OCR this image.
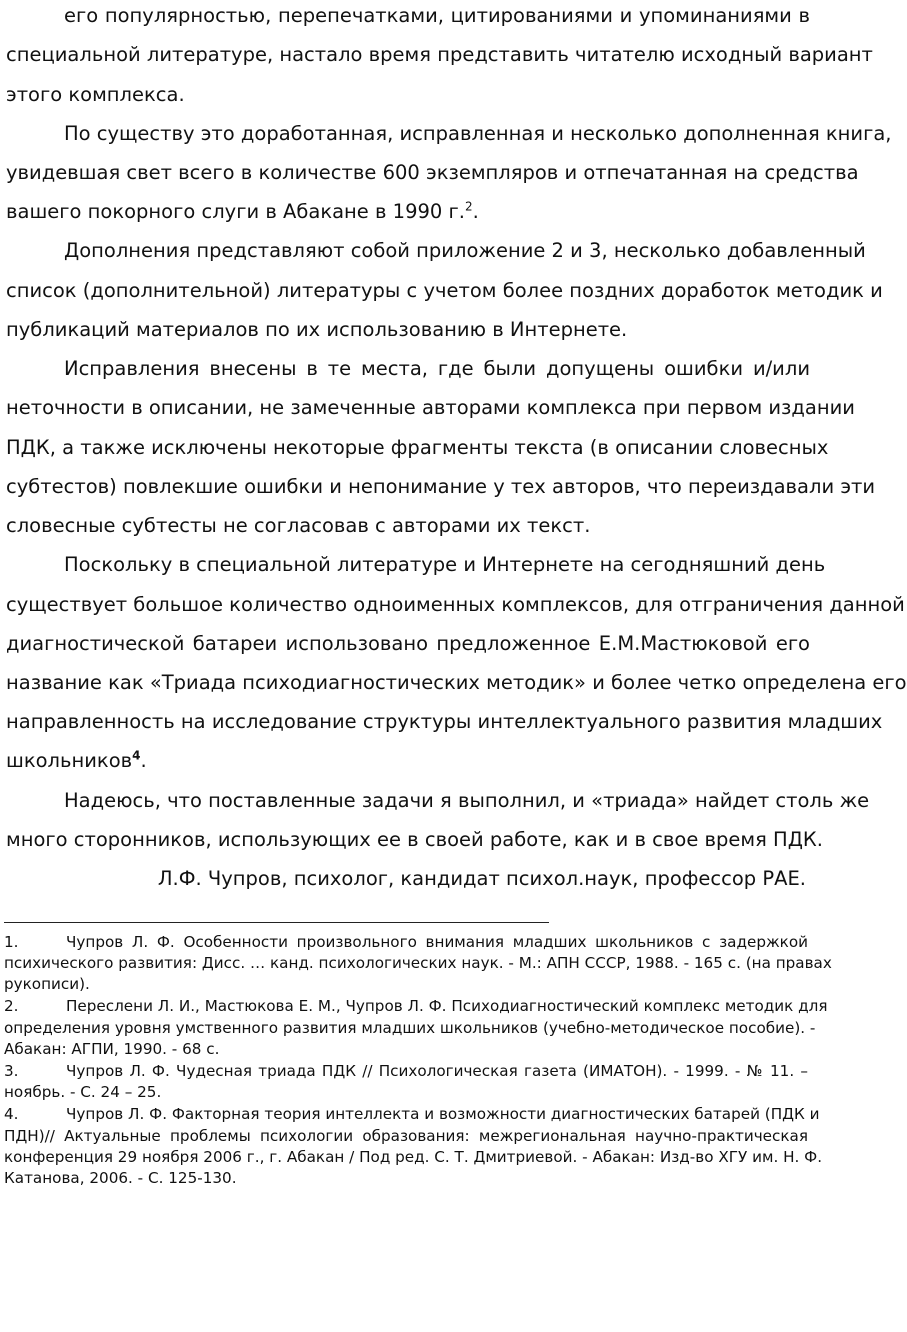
его популярностью, перепечатками, цитированиями и упоминаниями в
специальной литературе, настало время представить читателю исходный вариант
этого комплекса.
По существу это доработанная, исправленная и несколько дополненная книга,
увидевшая свет всего в количестве 600 экземпляров и отпечатанная на средства
вашего покорного слуги в Абакане в 1990 г.$^2$.
Дополнения представляют собой приложение 2 и 3, несколько добавленный
список (дополнительной) литературы с учетом более поздних доработок методик и
публикаций материалов по их использованию в Интернете.
Исправления внесены в те места, где были допущены ошибки и/или
неточности в описании, не замеченные авторами комплекса при первом издании
ПДК, а также исключены некоторые фрагменты текста (в описании словесных
субтестов) повлекшие ошибки и непонимание у тех авторов, что переиздавали эти
словесные субтесты не согласовав с авторами их текст.
Поскольку в специальной литературе и Интернете на сегодняшний день
существует большое количество одноименных комплексов, для отграничения данной
диагностической батареи использовано предложенное Е.М.Мастюковой его
название как «Триада психодиагностических методик» и более четко определена его
направленность на исследование структуры интеллектуального развития младших
школьников$^4$.
Надеюсь, что поставленные задачи я выполнил, и «триада» найдет столь же
много сторонников, использующих ее в своей работе, как и в свое время ПДК.
Л.Ф. Чупров, психолог, кандидат психол.наук, профессор РАЕ.
1.	Чупров Л. Ф. Особенности произвольного внимания младших школьников с задержкой
психического развития: Дисс. … канд. психологических наук. - М.: АПН СССР, 1988. - 165 с. (на правах
рукописи).
2.	Перeслени Л. И., Мастюкова Е. М., Чупров Л. Ф. Психодиагностический комплекс методик для
определения уровня умственного развития младших школьников (учебно-методическое пособие). -
Абакан: АГПИ, 1990. - 68 с.
3.	Чупров Л. Ф. Чудесная триада ПДК // Психологическая газета (ИМАТОН). - 1999. - № 11. –
ноябрь. - С. 24 – 25.
4.	Чупров Л. Ф. Факторная теория интеллекта и возможности диагностических батарей (ПДК и
ПДН)// Актуальные проблемы психологии образования: межрегиональная научно-практическая
конференция 29 ноября 2006 г., г. Абакан / Под ред. С. Т. Дмитриевой. - Абакан: Изд-во ХГУ им. Н. Ф.
Катанова, 2006. - С. 125-130.
